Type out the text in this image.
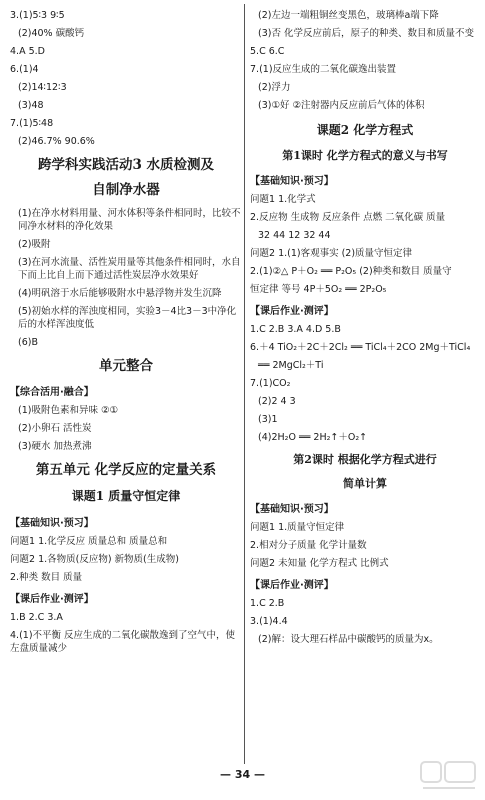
3.(1)5∶3 9∶5
(2)40% 碳酸钙
4.A 5.D
6.(1)4
(2)14∶12∶3
(3)48
7.(1)5∶48
(2)46.7% 90.6%
跨学科实践活动3 水质检测及
自制净水器
(1)在净水材料用量、河水体积等条件相同时，比较不同净水材料的净化效果
(2)吸附
(3)在河水流量、活性炭用量等其他条件相同时，水自下而上比自上而下通过活性炭层净水效果好
(4)明矾溶于水后能够吸附水中悬浮物并发生沉降
(5)初始水样的浑浊度相同，实验3－4比3－3中净化后的水样浑浊度低
(6)B
单元整合
【综合活用·融合】
(1)吸附色素和异味 ②①
(2)小卵石 活性炭
(3)硬水 加热煮沸
第五单元 化学反应的定量关系
课题1 质量守恒定律
【基础知识·预习】
问题1 1.化学反应 质量总和 质量总和
问题2 1.各物质(反应物) 新物质(生成物)
2.种类 数目 质量
【课后作业·测评】
1.B 2.C 3.A
4.(1)不平衡 反应生成的二氧化碳散逸到了空气中，使左盘质量减少
(2)左边一端粗铜丝变黑色，玻璃棒a端下降
(3)否 化学反应前后，原子的种类、数目和质量不变
5.C 6.C
7.(1)反应生成的二氧化碳逸出装置
(2)浮力
(3)①好 ②注射器内反应前后气体的体积
课题2 化学方程式
第1课时 化学方程式的意义与书写
【基础知识·预习】
问题1 1.化学式
2.反应物 生成物 反应条件 点燃 二氧化碳 质量
32 44 12 32 44
问题2 1.(1)客观事实 (2)质量守恒定律
2.(1)②△ P＋O₂ ══ P₂O₅ (2)种类和数目 质量守
恒定律 等号 4P＋5O₂ ══ 2P₂O₅
【课后作业·测评】
1.C 2.B 3.A 4.D 5.B
6.＋4 TiO₂＋2C＋2Cl₂ ══ TiCl₄＋2CO 2Mg＋TiCl₄
══ 2MgCl₂＋Ti
7.(1)CO₂
(2)2 4 3
(3)1
(4)2H₂O ══ 2H₂↑＋O₂↑
第2课时 根据化学方程式进行
简单计算
【基础知识·预习】
问题1 1.质量守恒定律
2.相对分子质量 化学计量数
问题2 未知量 化学方程式 比例式
【课后作业·测评】
1.C 2.B
3.(1)4.4
(2)解：设大理石样品中碳酸钙的质量为x。
— 34 —
